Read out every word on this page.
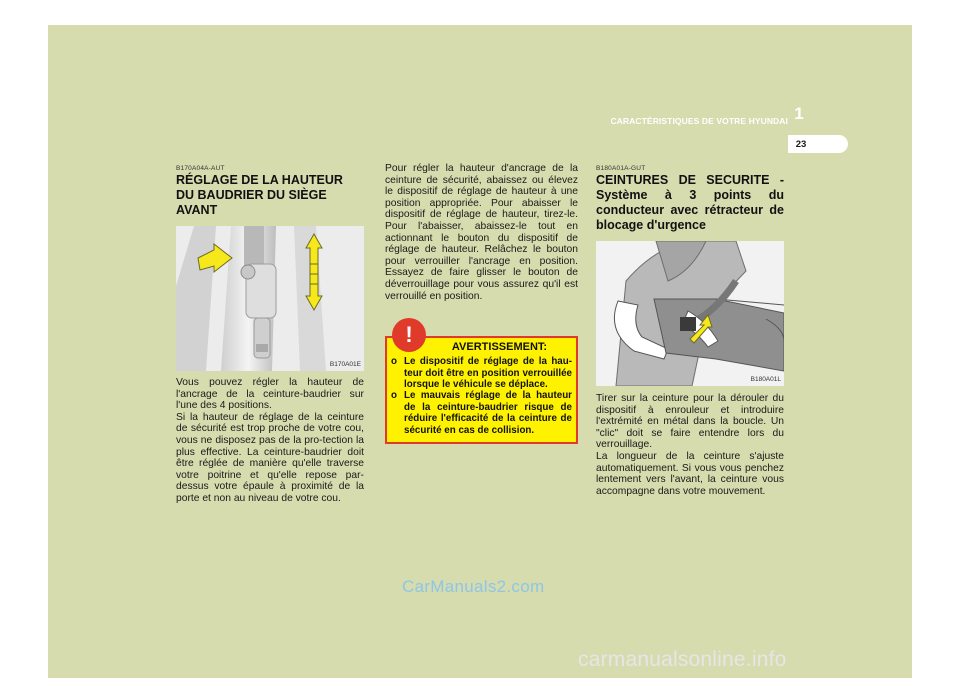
1
CARACTÉRISTIQUES DE VOTRE HYUNDAI
23
B170A04A-AUT
RÉGLAGE DE LA HAUTEUR DU BAUDRIER DU SIÈGE AVANT
B170A01E
Vous pouvez régler la hauteur de l'ancrage de la ceinture-baudrier sur l'une des 4 positions.
Si la hauteur de réglage de la ceinture de sécurité est trop proche de votre cou, vous ne disposez pas de la pro-tection la plus effective. La ceinture-baudrier doit être réglée de manière qu'elle traverse votre poitrine et qu'elle repose par-dessus votre épaule à proximité de la porte et non au niveau de votre cou.
Pour régler la hauteur d'ancrage de la ceinture de sécurité, abaissez ou élevez le dispositif de réglage de hauteur à une position appropriée. Pour abaisser le dispositif de réglage de hauteur, tirez-le. Pour l'abaisser, abaissez-le tout en actionnant le bouton du dispositif de réglage de hauteur. Relâchez le bouton pour verrouiller l'ancrage en position. Essayez de faire glisser le bouton de déverrouillage pour vous assurez qu'il est verrouillé en position.
!	AVERTISSEMENT:
o Le dispositif de réglage de la hau-teur doit être en position verrouillée lorsque le véhicule se déplace.
o Le mauvais réglage de la hauteur de la ceinture-baudrier risque de réduire l'efficacité de la ceinture de sécurité en cas de collision.
B180A01A-GUT
CEINTURES DE SECURITE - Système à 3 points du conducteur avec rétracteur de blocage d'urgence
B180A01L
Tirer sur la ceinture pour la dérouler du dispositif à enrouleur et introduire l'extrémité en métal dans la boucle. Un "clic" doit se faire entendre lors du verrouillage.
La longueur de la ceinture s'ajuste automatiquement. Si vous vous penchez lentement vers l'avant, la ceinture vous accompagne dans votre mouvement.
CarManuals2.com
carmanualsonline.info
